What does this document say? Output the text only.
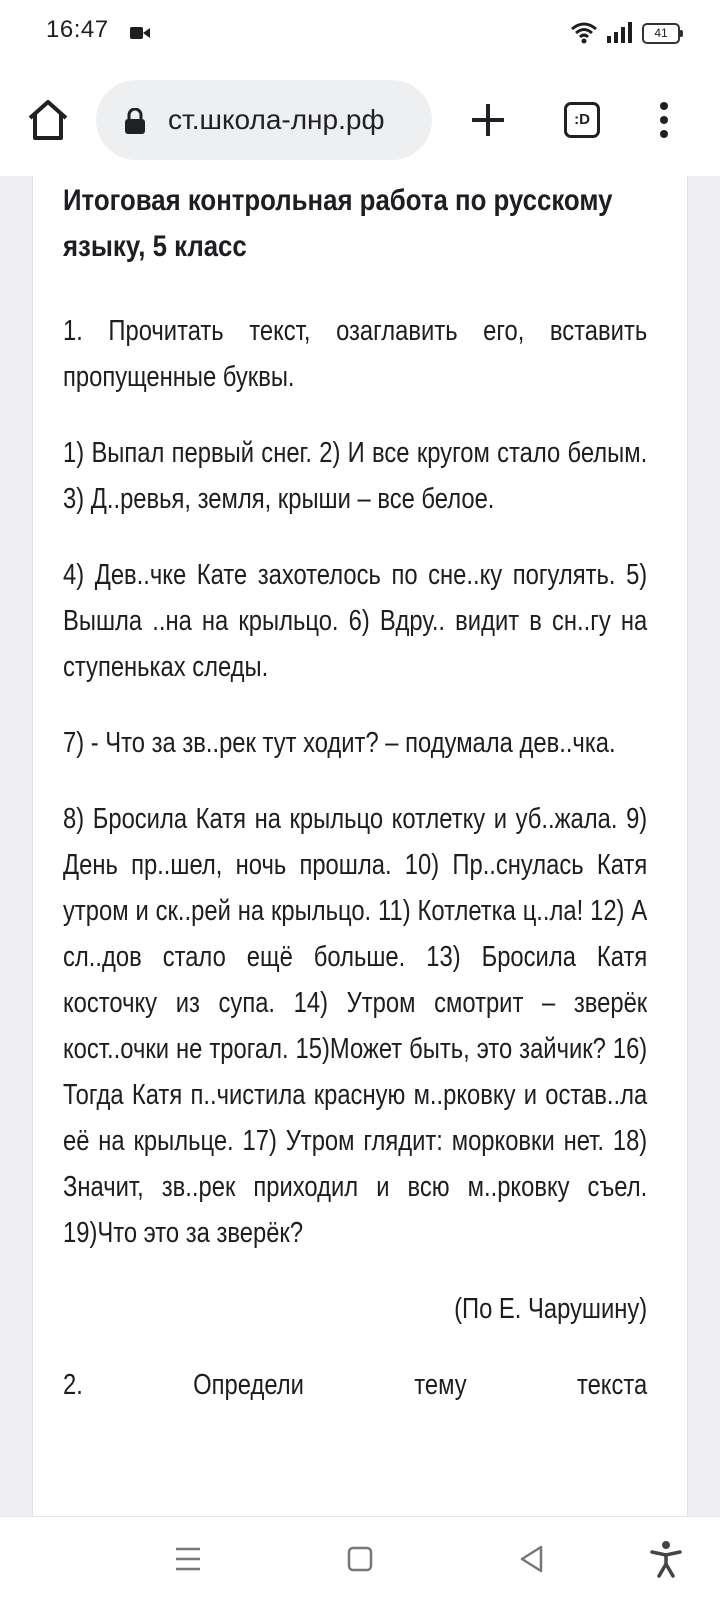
16:47	41
ст.школа-лнр.рф	:D
Итоговая контрольная работа по русскому языку, 5 класс
1. Прочитать текст, озаглавить его, вставить пропущенные буквы.
1) Выпал первый снег. 2) И все кругом стало белым. 3) Д..ревья, земля, крыши – все белое.
4) Дев..чке Кате захотелось по сне..ку погулять. 5) Вышла ..на на крыльцо. 6) Вдру.. видит в сн..гу на ступеньках следы.
7) - Что за зв..рек тут ходит? – подумала дев..чка.
8) Бросила Катя на крыльцо котлетку и уб..жала. 9) День пр..шел, ночь прошла. 10) Пр..снулась Катя утром и ск..рей на крыльцо. 11) Котлетка ц..ла! 12) А сл..дов стало ещё больше. 13) Бросила Катя косточку из супа. 14) Утром смотрит – зверёк кост..очки не трогал. 15)Может быть, это зайчик? 16) Тогда Катя п..чистила красную м..рковку и остав..ла её на крыльце. 17) Утром глядит: морковки нет. 18) Значит, зв..рек приходил и всю м..рковку съел. 19)Что это за зверёк?
(По Е. Чарушину)
2. Определи тему текста
